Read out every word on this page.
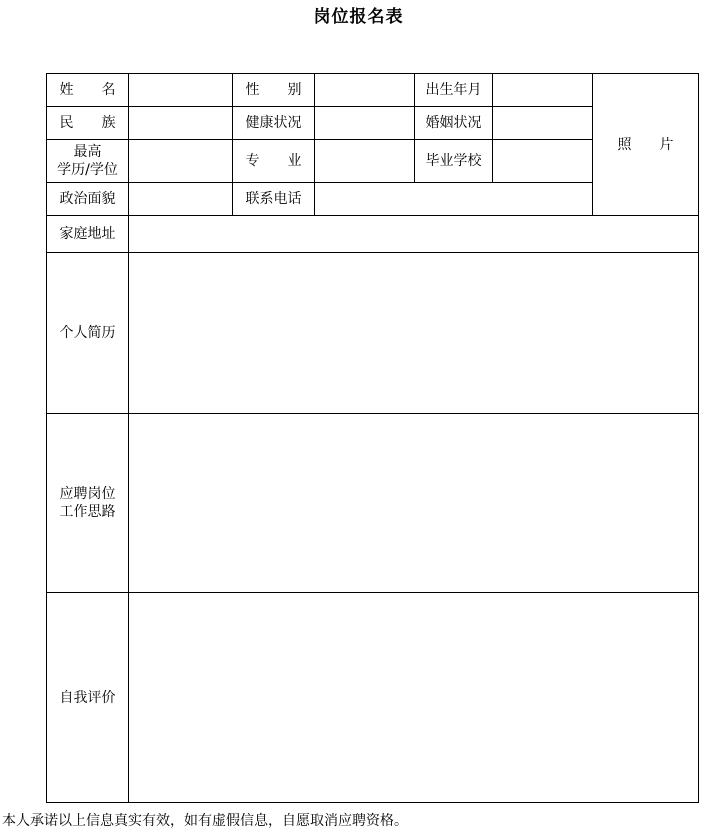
岗位报名表
姓　　名		性　　别		出生年月		照　　片
民　　族		健康状况		婚姻状况		

最高
学历/学位		专　　业		毕业学校		
政治面貌		联系电话				
家庭地址						
个人简历						

应聘岗位
工作思路						

自我评价						
本人承诺以上信息真实有效，如有虚假信息，自愿取消应聘资格。
